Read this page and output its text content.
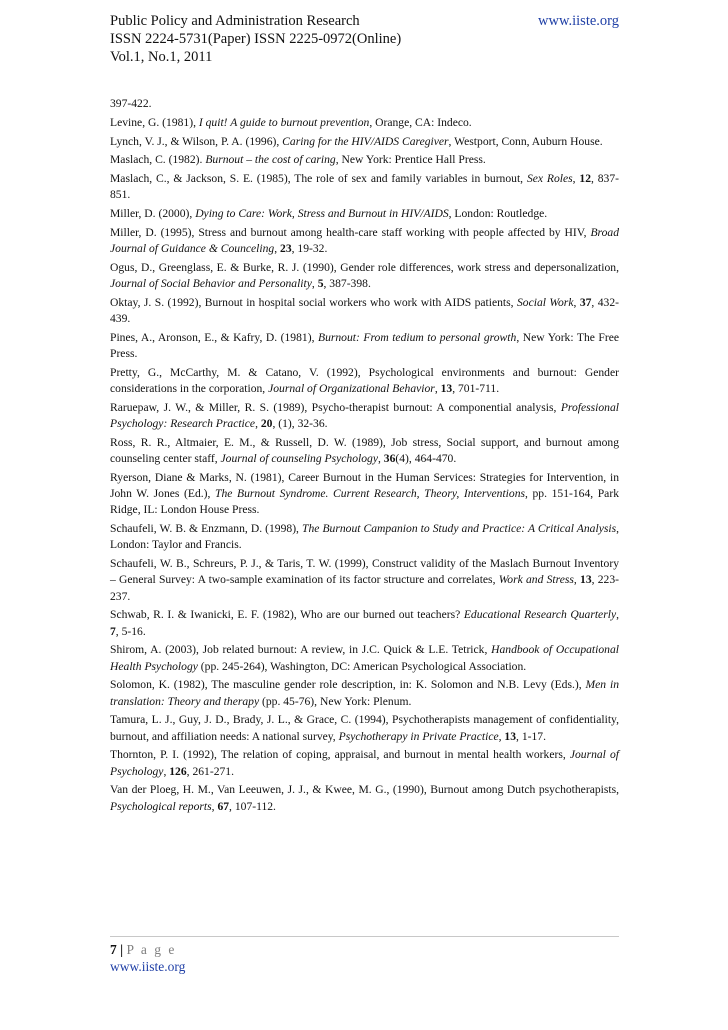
Public Policy and Administration Research	www.iiste.org
ISSN 2224-5731(Paper) ISSN 2225-0972(Online)
Vol.1, No.1, 2011

397-422.

Levine, G. (1981), I quit! A guide to burnout prevention, Orange, CA: Indeco.

Lynch, V. J., & Wilson, P. A. (1996), Caring for the HIV/AIDS Caregiver, Westport, Conn, Auburn House.

Maslach, C. (1982). Burnout – the cost of caring, New York: Prentice Hall Press.

Maslach, C., & Jackson, S. E. (1985), The role of sex and family variables in burnout, Sex Roles, 12, 837-851.

Miller, D. (2000), Dying to Care: Work, Stress and Burnout in HIV/AIDS, London: Routledge.

Miller, D. (1995), Stress and burnout among health-care staff working with people affected by HIV, Broad Journal of Guidance & Counceling, 23, 19-32.

Ogus, D., Greenglass, E. & Burke, R. J. (1990), Gender role differences, work stress and depersonalization, Journal of Social Behavior and Personality, 5, 387-398.

Oktay, J. S. (1992), Burnout in hospital social workers who work with AIDS patients, Social Work, 37, 432-439.

Pines, A., Aronson, E., & Kafry, D. (1981), Burnout: From tedium to personal growth, New York: The Free Press.

Pretty, G., McCarthy, M. & Catano, V. (1992), Psychological environments and burnout: Gender considerations in the corporation, Journal of Organizational Behavior, 13, 701-711.

Raruepaw, J. W., & Miller, R. S. (1989), Psycho-therapist burnout: A componential analysis, Professional Psychology: Research Practice, 20, (1), 32-36.

Ross, R. R., Altmaier, E. M., & Russell, D. W. (1989), Job stress, Social support, and burnout among counseling center staff, Journal of counseling Psychology, 36(4), 464-470.

Ryerson, Diane & Marks, N. (1981), Career Burnout in the Human Services: Strategies for Intervention, in John W. Jones (Ed.), The Burnout Syndrome. Current Research, Theory, Interventions, pp. 151-164, Park Ridge, IL: London House Press.

Schaufeli, W. B. & Enzmann, D. (1998), The Burnout Campanion to Study and Practice: A Critical Analysis, London: Taylor and Francis.

Schaufeli, W. B., Schreurs, P. J., & Taris, T. W. (1999), Construct validity of the Maslach Burnout Inventory – General Survey: A two-sample examination of its factor structure and correlates, Work and Stress, 13, 223-237.

Schwab, R. I. & Iwanicki, E. F. (1982), Who are our burned out teachers? Educational Research Quarterly, 7, 5-16.

Shirom, A. (2003), Job related burnout: A review, in J.C. Quick & L.E. Tetrick, Handbook of Occupational Health Psychology (pp. 245-264), Washington, DC: American Psychological Association.

Solomon, K. (1982), The masculine gender role description, in: K. Solomon and N.B. Levy (Eds.), Men in translation: Theory and therapy (pp. 45-76), New York: Plenum.

Tamura, L. J., Guy, J. D., Brady, J. L., & Grace, C. (1994), Psychotherapists management of confidentiality, burnout, and affiliation needs: A national survey, Psychotherapy in Private Practice, 13, 1-17.

Thornton, P. I. (1992), The relation of coping, appraisal, and burnout in mental health workers, Journal of Psychology, 126, 261-271.

Van der Ploeg, H. M., Van Leeuwen, J. J., & Kwee, M. G., (1990), Burnout among Dutch psychotherapists, Psychological reports, 67, 107-112.

7 | P a g e
www.iiste.org
